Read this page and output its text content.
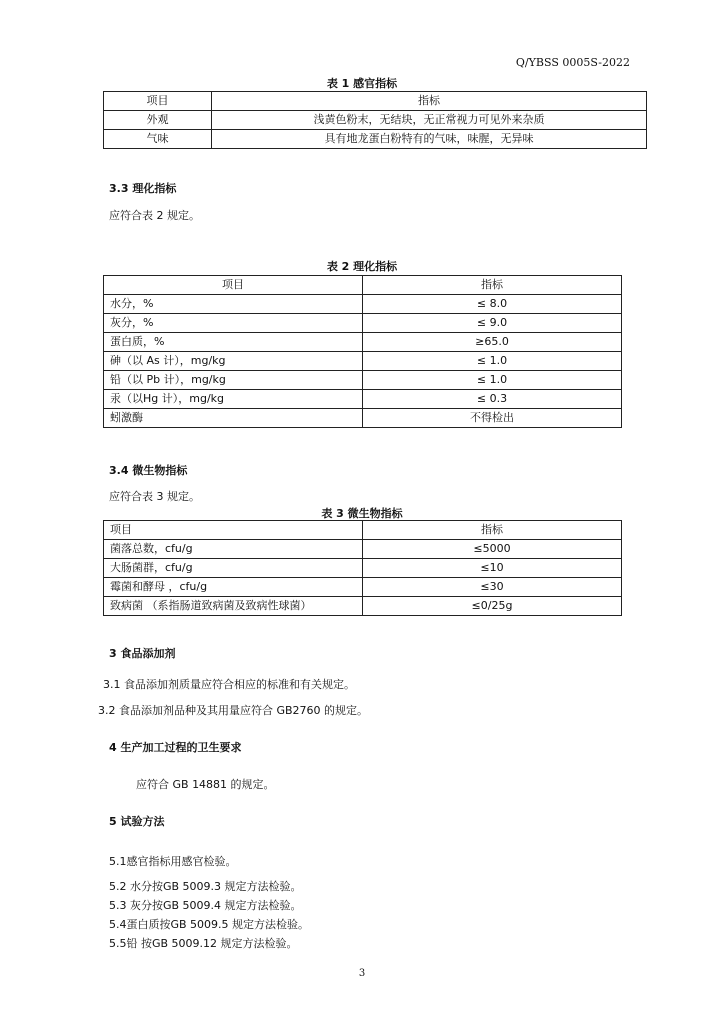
Q/YBSS 0005S-2022
表 1 感官指标
项目	指标
外观	浅黄色粉末，无结块，无正常视力可见外来杂质
气味	具有地龙蛋白粉特有的气味，味腥，无异味
3.3 理化指标
应符合表 2 规定。
表 2 理化指标
项目	指标
水分，%	≤ 8.0
灰分，%	≤ 9.0
蛋白质，%	≥65.0
砷（以 As 计），mg/kg	≤ 1.0
铅（以 Pb 计），mg/kg	≤ 1.0
汞（以Hg 计），mg/kg	≤ 0.3
蚓激酶	不得检出
3.4 微生物指标
应符合表 3 规定。
表 3 微生物指标
项目	指标
菌落总数，cfu/g	≤5000
大肠菌群，cfu/g	≤10
霉菌和酵母 ，cfu/g	≤30
致病菌 （系指肠道致病菌及致病性球菌）	≤0/25g
3 食品添加剂
3.1 食品添加剂质量应符合相应的标准和有关规定。
3.2 食品添加剂品种及其用量应符合 GB2760 的规定。
4 生产加工过程的卫生要求
应符合 GB 14881 的规定。
5 试验方法
5.1感官指标用感官检验。
5.2 水分按GB 5009.3 规定方法检验。
5.3 灰分按GB 5009.4 规定方法检验。
5.4蛋白质按GB 5009.5 规定方法检验。
5.5铅 按GB 5009.12 规定方法检验。
3
